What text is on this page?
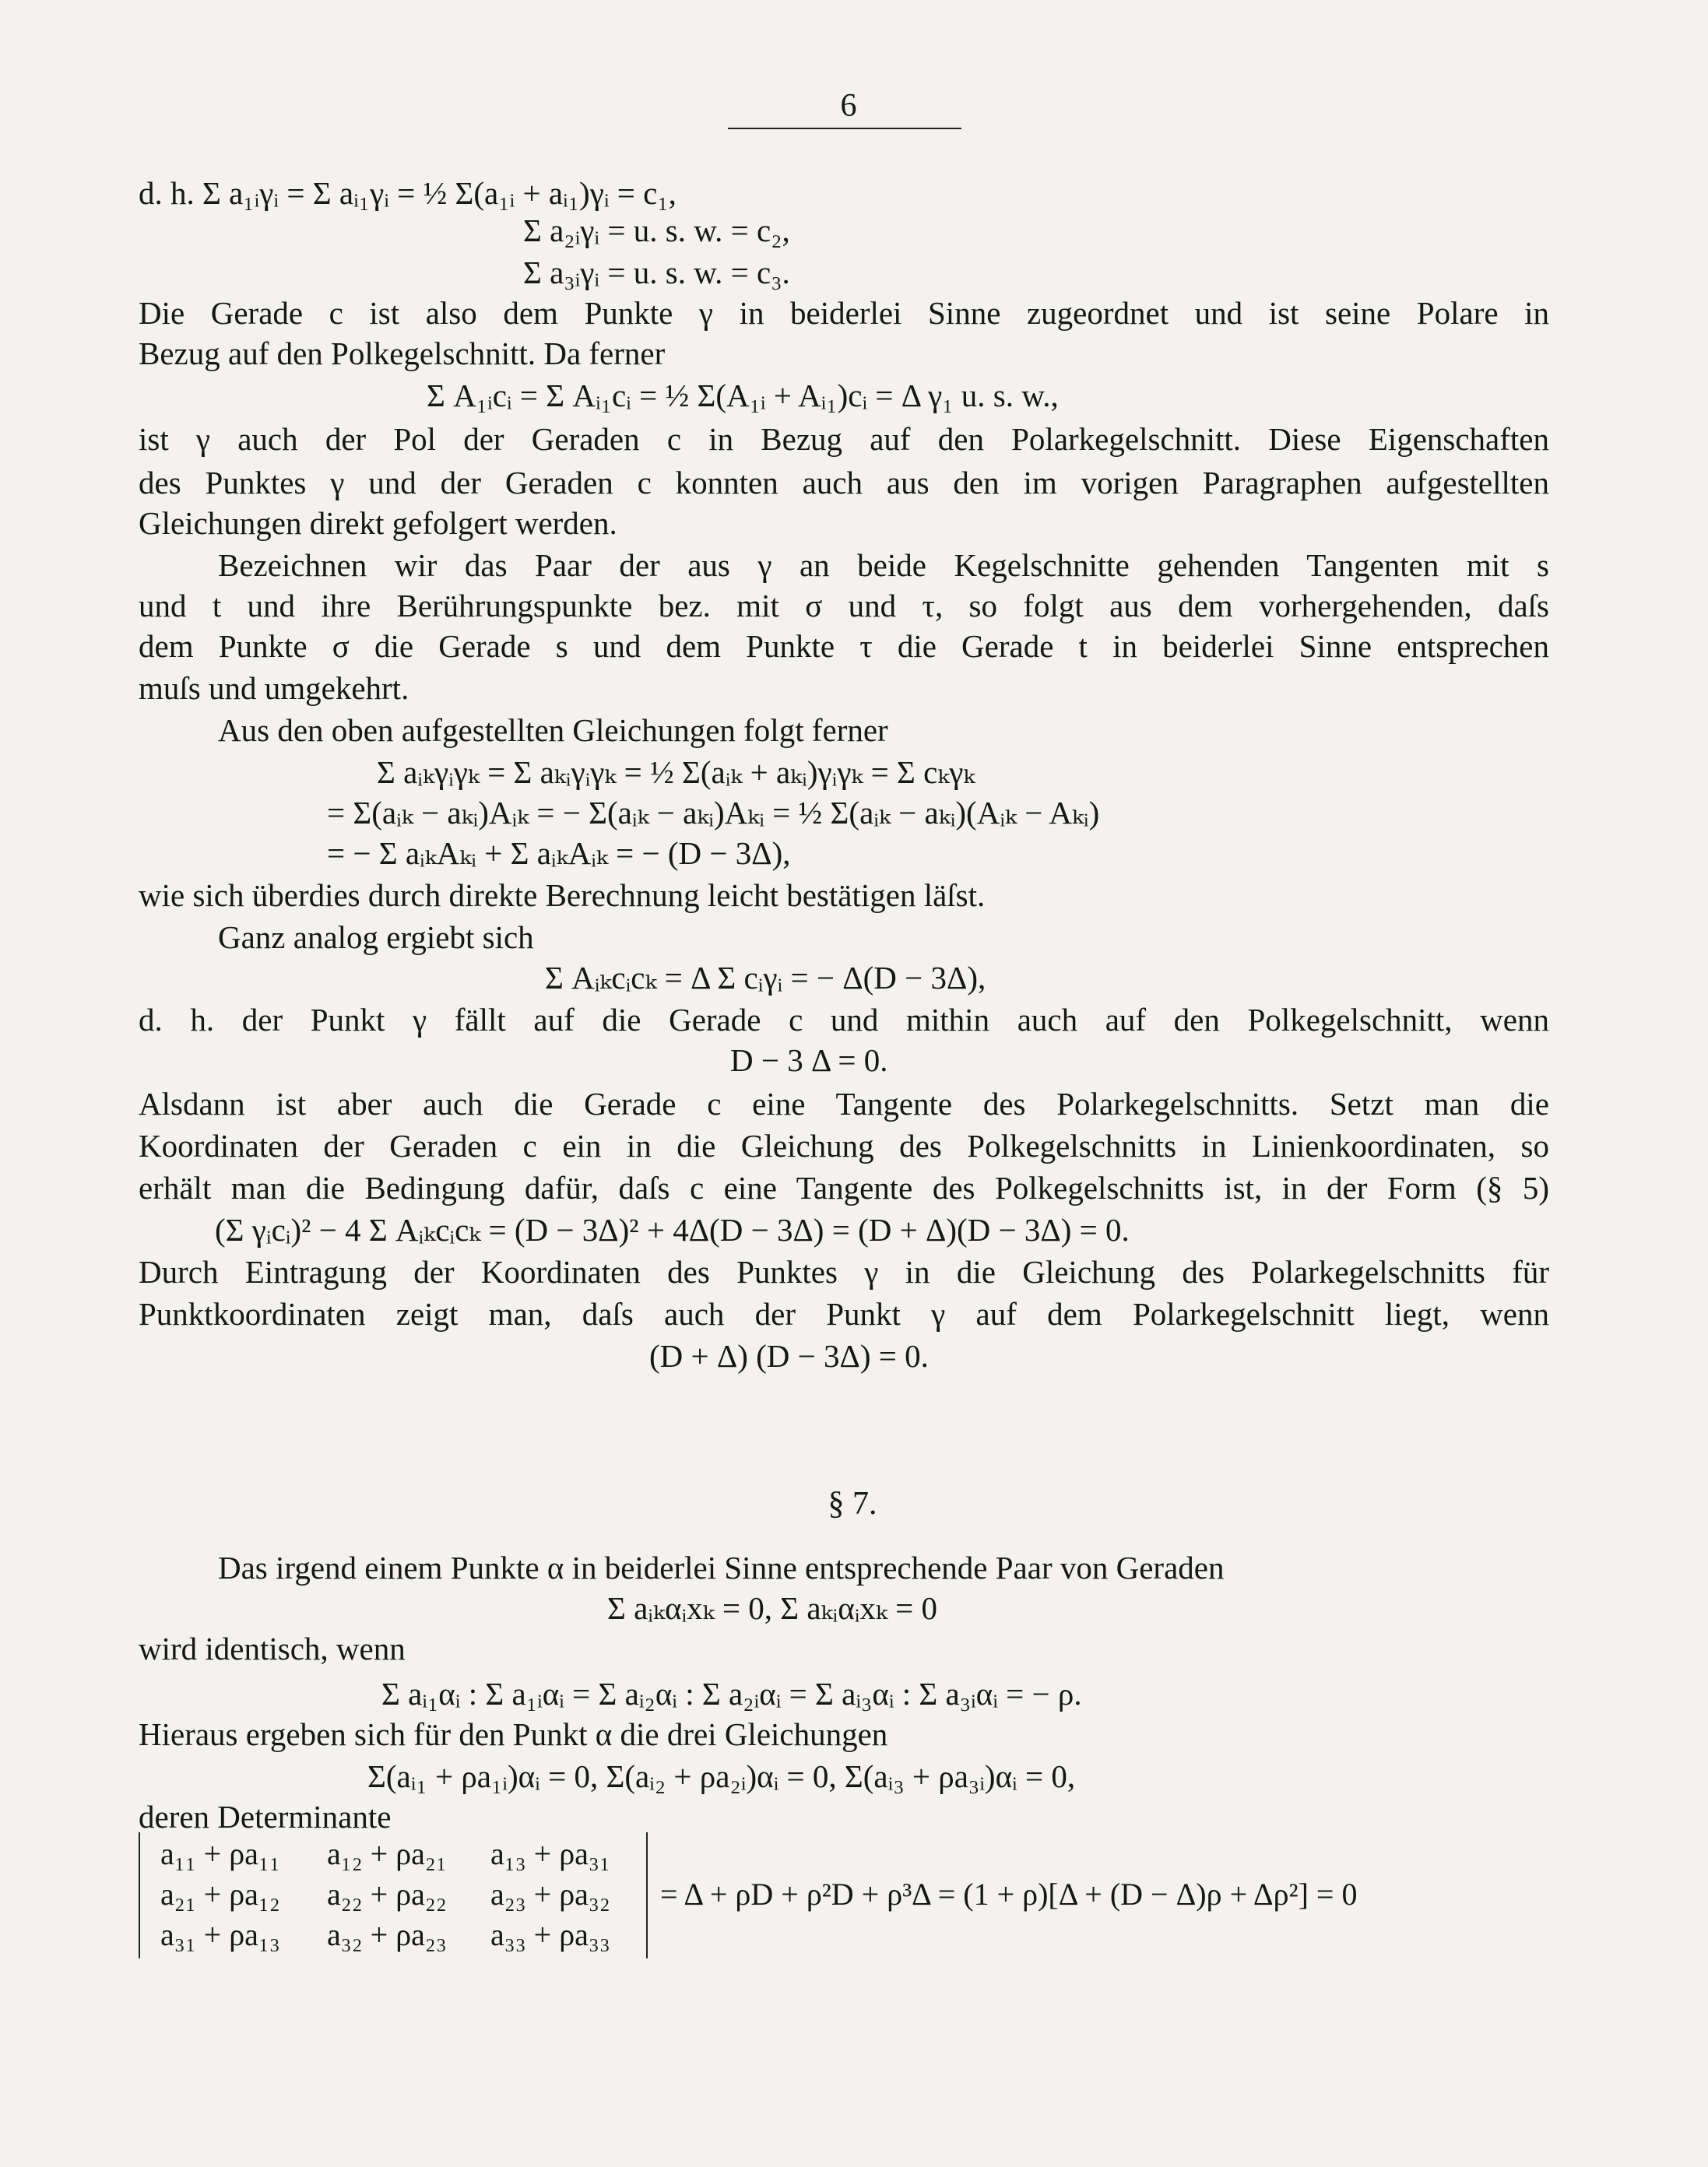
6
d. h. Σ a₁ᵢγᵢ = Σ aᵢ₁γᵢ = ½ Σ(a₁ᵢ + aᵢ₁)γᵢ = c₁,
Σ a₂ᵢγᵢ = u. s. w. = c₂,
Σ a₃ᵢγᵢ = u. s. w. = c₃.
Die Gerade c ist also dem Punkte γ in beiderlei Sinne zugeordnet und ist seine Polare in
Bezug auf den Polkegelschnitt. Da ferner
Σ A₁ᵢcᵢ = Σ Aᵢ₁cᵢ = ½ Σ(A₁ᵢ + Aᵢ₁)cᵢ = Δ γ₁ u. s. w.,
ist γ auch der Pol der Geraden c in Bezug auf den Polarkegelschnitt. Diese Eigenschaften
des Punktes γ und der Geraden c konnten auch aus den im vorigen Paragraphen aufgestellten
Gleichungen direkt gefolgert werden.
Bezeichnen wir das Paar der aus γ an beide Kegelschnitte gehenden Tangenten mit s
und t und ihre Berührungspunkte bez. mit σ und τ, so folgt aus dem vorhergehenden, daſs
dem Punkte σ die Gerade s und dem Punkte τ die Gerade t in beiderlei Sinne entsprechen
muſs und umgekehrt.
Aus den oben aufgestellten Gleichungen folgt ferner
Σ aᵢₖγᵢγₖ = Σ aₖᵢγᵢγₖ = ½ Σ(aᵢₖ + aₖᵢ)γᵢγₖ = Σ cₖγₖ
= Σ(aᵢₖ − aₖᵢ)Aᵢₖ = − Σ(aᵢₖ − aₖᵢ)Aₖᵢ = ½ Σ(aᵢₖ − aₖᵢ)(Aᵢₖ − Aₖᵢ)
= − Σ aᵢₖAₖᵢ + Σ aᵢₖAᵢₖ = − (D − 3Δ),
wie sich überdies durch direkte Berechnung leicht bestätigen läſst.
Ganz analog ergiebt sich
Σ Aᵢₖcᵢcₖ = Δ Σ cᵢγᵢ = − Δ(D − 3Δ),
d. h. der Punkt γ fällt auf die Gerade c und mithin auch auf den Polkegelschnitt, wenn
D − 3 Δ = 0.
Alsdann ist aber auch die Gerade c eine Tangente des Polarkegelschnitts. Setzt man die
Koordinaten der Geraden c ein in die Gleichung des Polkegelschnitts in Linienkoordinaten, so
erhält man die Bedingung dafür, daſs c eine Tangente des Polkegelschnitts ist, in der Form (§ 5)
(Σ γᵢcᵢ)² − 4 Σ Aᵢₖcᵢcₖ = (D − 3Δ)² + 4Δ(D − 3Δ) = (D + Δ)(D − 3Δ) = 0.
Durch Eintragung der Koordinaten des Punktes γ in die Gleichung des Polarkegelschnitts für
Punktkoordinaten zeigt man, daſs auch der Punkt γ auf dem Polarkegelschnitt liegt, wenn
(D + Δ) (D − 3Δ) = 0.
§ 7.
Das irgend einem Punkte α in beiderlei Sinne entsprechende Paar von Geraden
Σ aᵢₖαᵢxₖ = 0, Σ aₖᵢαᵢxₖ = 0
wird identisch, wenn
Σ aᵢ₁αᵢ : Σ a₁ᵢαᵢ = Σ aᵢ₂αᵢ : Σ a₂ᵢαᵢ = Σ aᵢ₃αᵢ : Σ a₃ᵢαᵢ = − ρ.
Hieraus ergeben sich für den Punkt α die drei Gleichungen
Σ(aᵢ₁ + ρa₁ᵢ)αᵢ = 0, Σ(aᵢ₂ + ρa₂ᵢ)αᵢ = 0, Σ(aᵢ₃ + ρa₃ᵢ)αᵢ = 0,
deren Determinante
a₁₁ + ρa₁₁ a₁₂ + ρa₂₁ a₁₃ + ρa₃₁
a₂₁ + ρa₁₂ a₂₂ + ρa₂₂ a₂₃ + ρa₃₂
a₃₁ + ρa₁₃ a₃₂ + ρa₂₃ a₃₃ + ρa₃₃
= Δ + ρD + ρ²D + ρ³Δ = (1 + ρ)[Δ + (D − Δ)ρ + Δρ²] = 0
